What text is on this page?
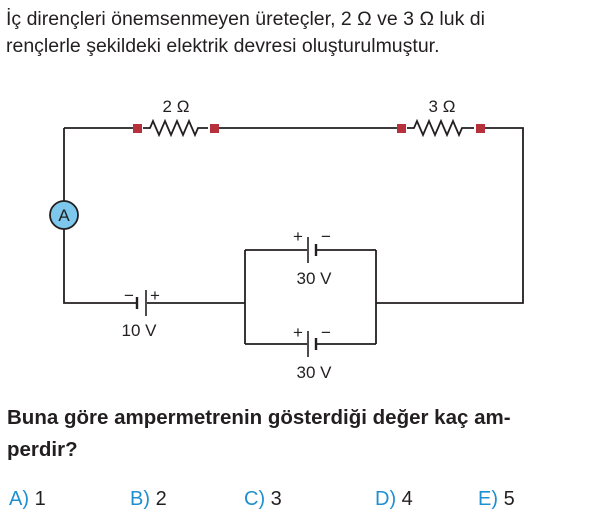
İç dirençleri önemsenmeyen üreteçler, 2 Ω ve 3 Ω luk di
rençlerle şekildeki elektrik devresi oluşturulmuştur.
A
2 Ω	3 Ω
− +
10 V
+ −
30 V
+ −
30 V
Buna göre ampermetrenin gösterdiği değer kaç am-
perdir?
A) 1	B) 2	C) 3	D) 4	E) 5
